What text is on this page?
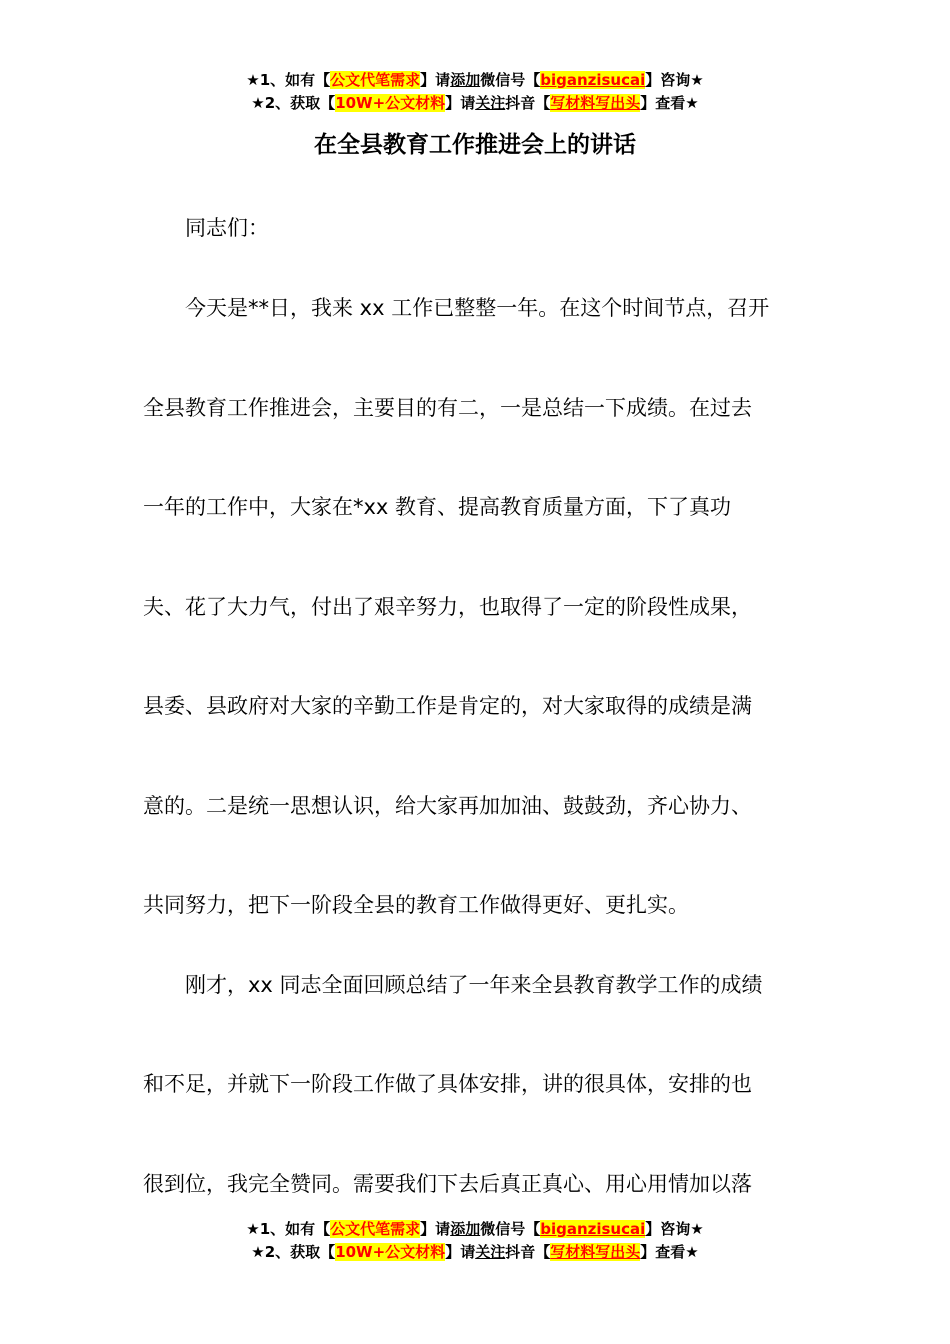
★1、如有【公文代笔需求】请添加微信号【biganzisucai】咨询★
★2、获取【10W+公文材料】请关注抖音【写材料写出头】查看★
在全县教育工作推进会上的讲话
　　同志们：
　　今天是**日，我来 xx 工作已整整一年。在这个时间节点，召开
全县教育工作推进会，主要目的有二，一是总结一下成绩。在过去
一年的工作中，大家在*xx 教育、提高教育质量方面，下了真功
夫、花了大力气，付出了艰辛努力，也取得了一定的阶段性成果，
县委、县政府对大家的辛勤工作是肯定的，对大家取得的成绩是满
意的。二是统一思想认识，给大家再加加油、鼓鼓劲，齐心协力、
共同努力，把下一阶段全县的教育工作做得更好、更扎实。
　　刚才，xx 同志全面回顾总结了一年来全县教育教学工作的成绩
和不足，并就下一阶段工作做了具体安排，讲的很具体，安排的也
很到位，我完全赞同。需要我们下去后真正真心、用心用情加以落
★1、如有【公文代笔需求】请添加微信号【biganzisucai】咨询★
★2、获取【10W+公文材料】请关注抖音【写材料写出头】查看★
